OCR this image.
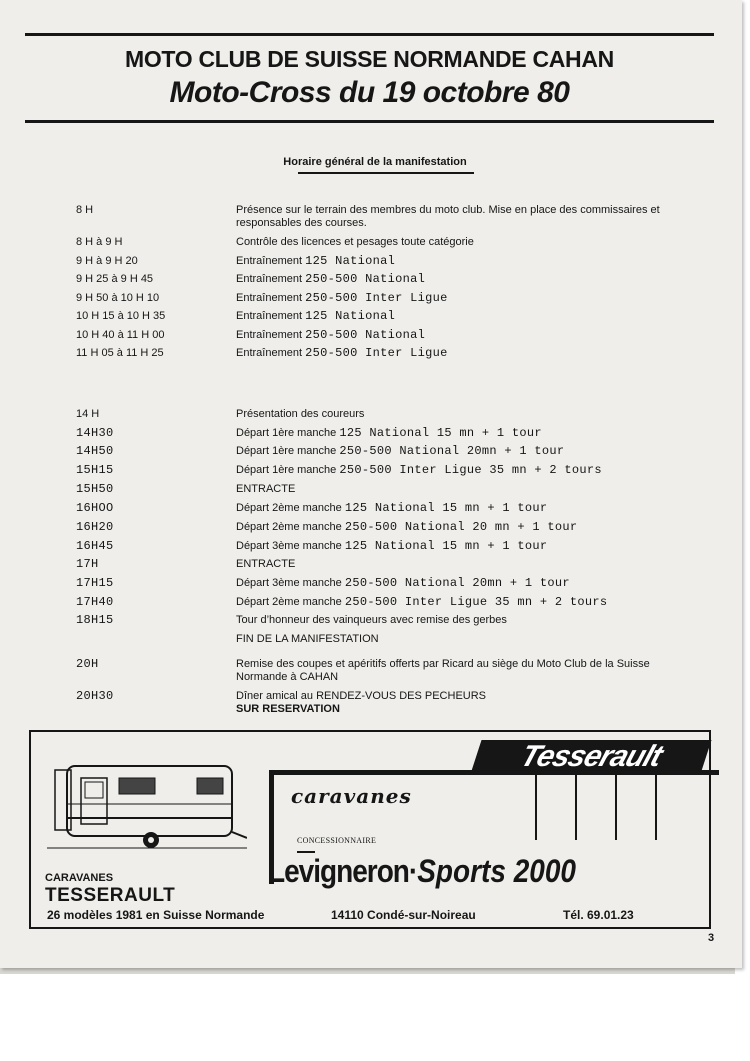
MOTO CLUB DE SUISSE NORMANDE CAHAN
Moto-Cross du 19 octobre 80
Horaire général de la manifestation
8 H	Présence sur le terrain des membres du moto club. Mise en place des commissaires et responsables des courses.
8 H à 9 H	Contrôle des licences et pesages toute catégorie
9 H à 9 H 20	Entraînement 125 National
9 H 25 à 9 H 45	Entraînement 250-500 National
9 H 50 à 10 H 10	Entraînement 250-500 Inter Ligue
10 H 15 à 10 H 35	Entraînement 125 National
10 H 40 à 11 H 00	Entraînement 250-500 National
11 H 05 à 11 H 25	Entraînement 250-500 Inter Ligue
14 H	Présentation des coureurs
14H30	Départ 1ère manche 125 National 15 mn + 1 tour
14H50	Départ 1ère manche 250-500 National 20mn + 1 tour
15H15	Départ 1ère manche 250-500 Inter Ligue 35 mn + 2 tours
15H50	ENTRACTE
16HOO	Départ 2ème manche 125 National 15 mn + 1 tour
16H20	Départ 2ème manche 250-500 National 20 mn + 1 tour
16H45	Départ 3ème manche 125 National 15 mn + 1 tour
17H	ENTRACTE
17H15	Départ 3ème manche 250-500 National 20mn + 1 tour
17H40	Départ 2ème manche 250-500 Inter Ligue 35 mn + 2 tours
18H15	Tour d’honneur des vainqueurs avec remise des gerbes
FIN DE LA MANIFESTATION
20H	Remise des coupes et apéritifs offerts par Ricard au siège du Moto Club de la Suisse Normande à CAHAN
20H30	Dîner amical au RENDEZ-VOUS DES PECHEURS
SUR RESERVATION
CARAVANES
TESSERAULT
26 modèles 1981 en Suisse Normande
Tesserault
caravanes
CONCESSIONNAIRE
Levigneron·Sports 2000
14110 Condé-sur-Noireau	Tél. 69.01.23
3
